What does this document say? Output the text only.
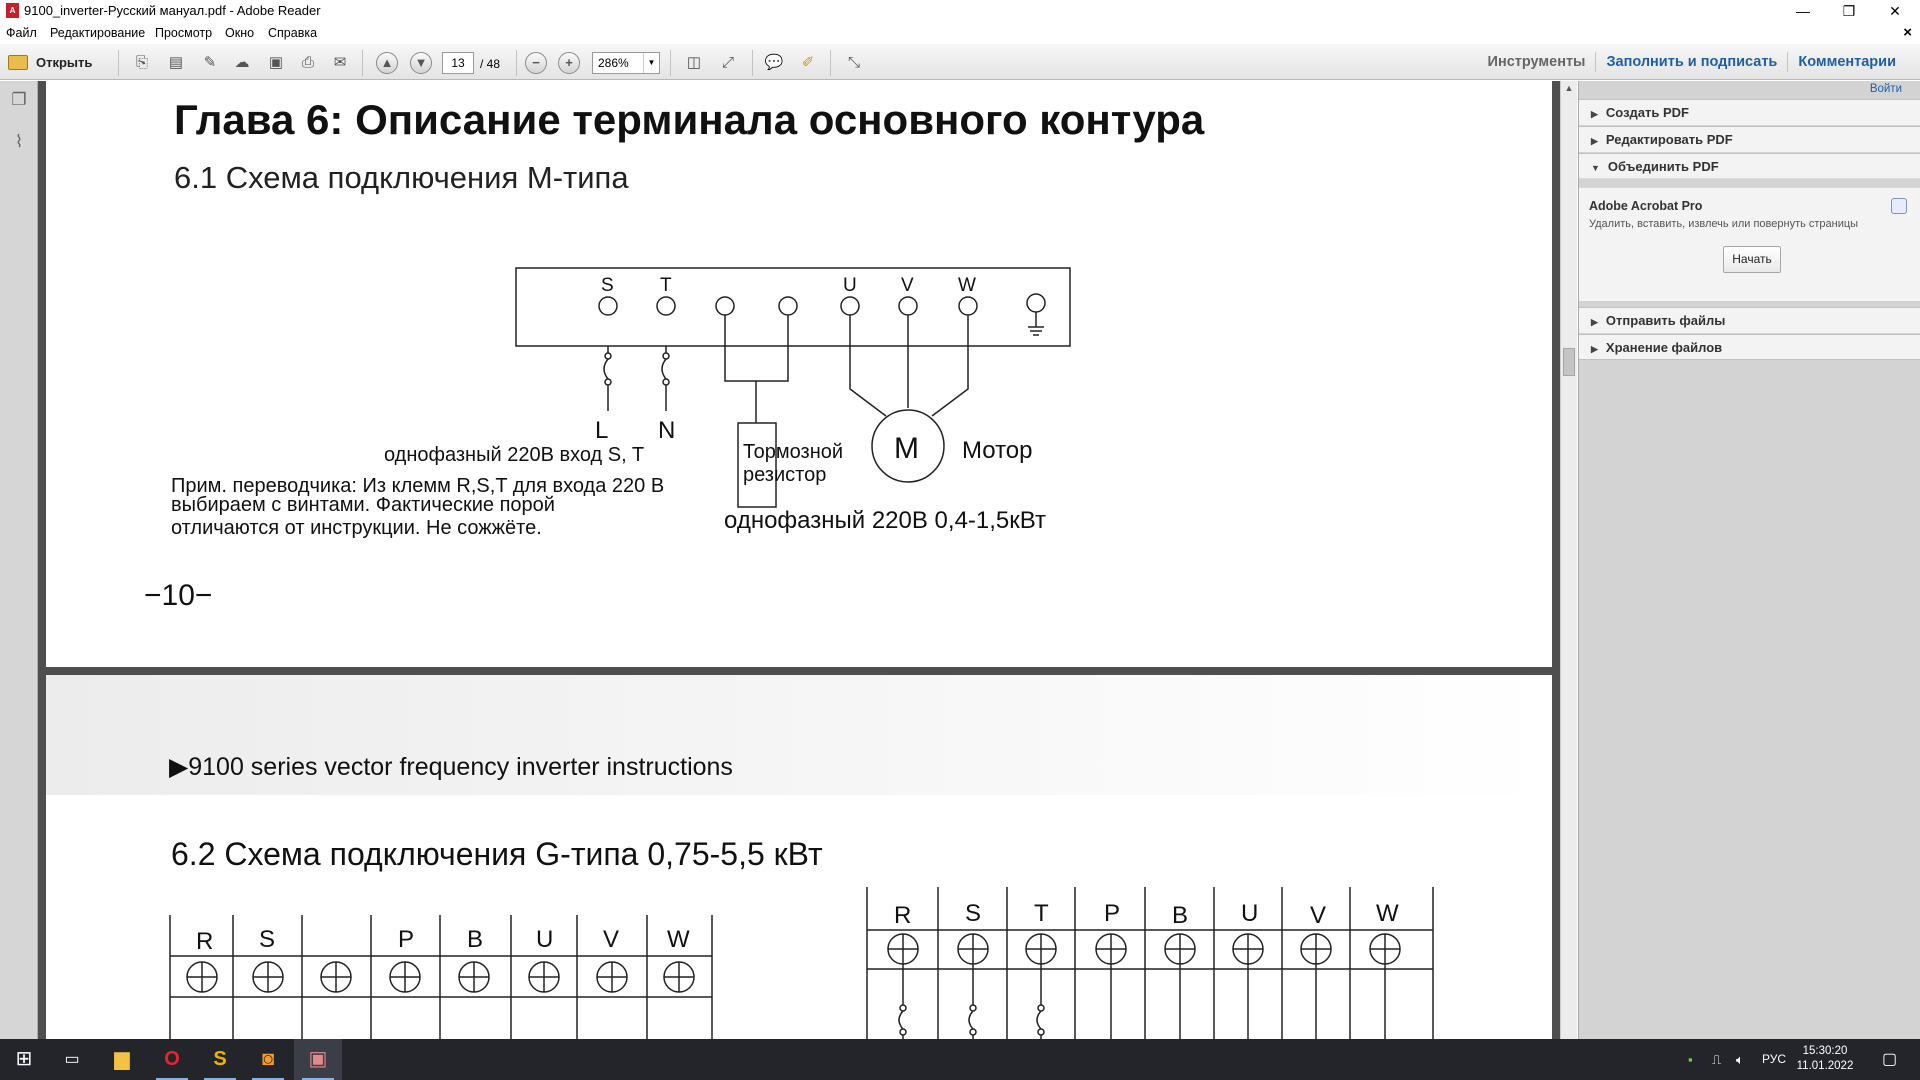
A 9100_inverter-Русский мануал.pdf - Adobe Reader	—	❐	✕
Файл Редактирование Просмотр Окно Справка	×
Открыть	⎘	▤	✎	☁	▣	⎙	✉	▲	▼	13	/ 48	−	+	286%	▼	◫	⤢	💬	✐	⤡	Инструменты Заполнить и подписать Комментарии
❐
⌇	Глава 6: Описание терминала основного контура
6.1 Схема подключения M-типа
S T	U V W
L N
M Мотор
Тормозной
резистор
однофазный 220В вход S, T
Прим. переводчика: Из клемм R,S,T для входа 220 В
выбираем с винтами. Фактические порой
отличаются от инструкции. Не сожжёте.	однофазный 220В 0,4-1,5кВт
−10−
▶9100 series vector frequency inverter instructions
6.2 Схема подключения G-типа 0,75-5,5 кВт
R S	P B U V W
R S T P B U V W
▲	Войти
▶ Создать PDF
▶ Редактировать PDF
▼ Объединить PDF
Adobe Acrobat Pro
Удалить, вставить, извлечь или повернуть страницы
Начать
▶ Отправить файлы
▶ Хранение файлов
⊞	▭	▆	O	S	◙	▣	▪ ⎍ 🔈︎ РУС
15:30:20
11.01.2022	▢
